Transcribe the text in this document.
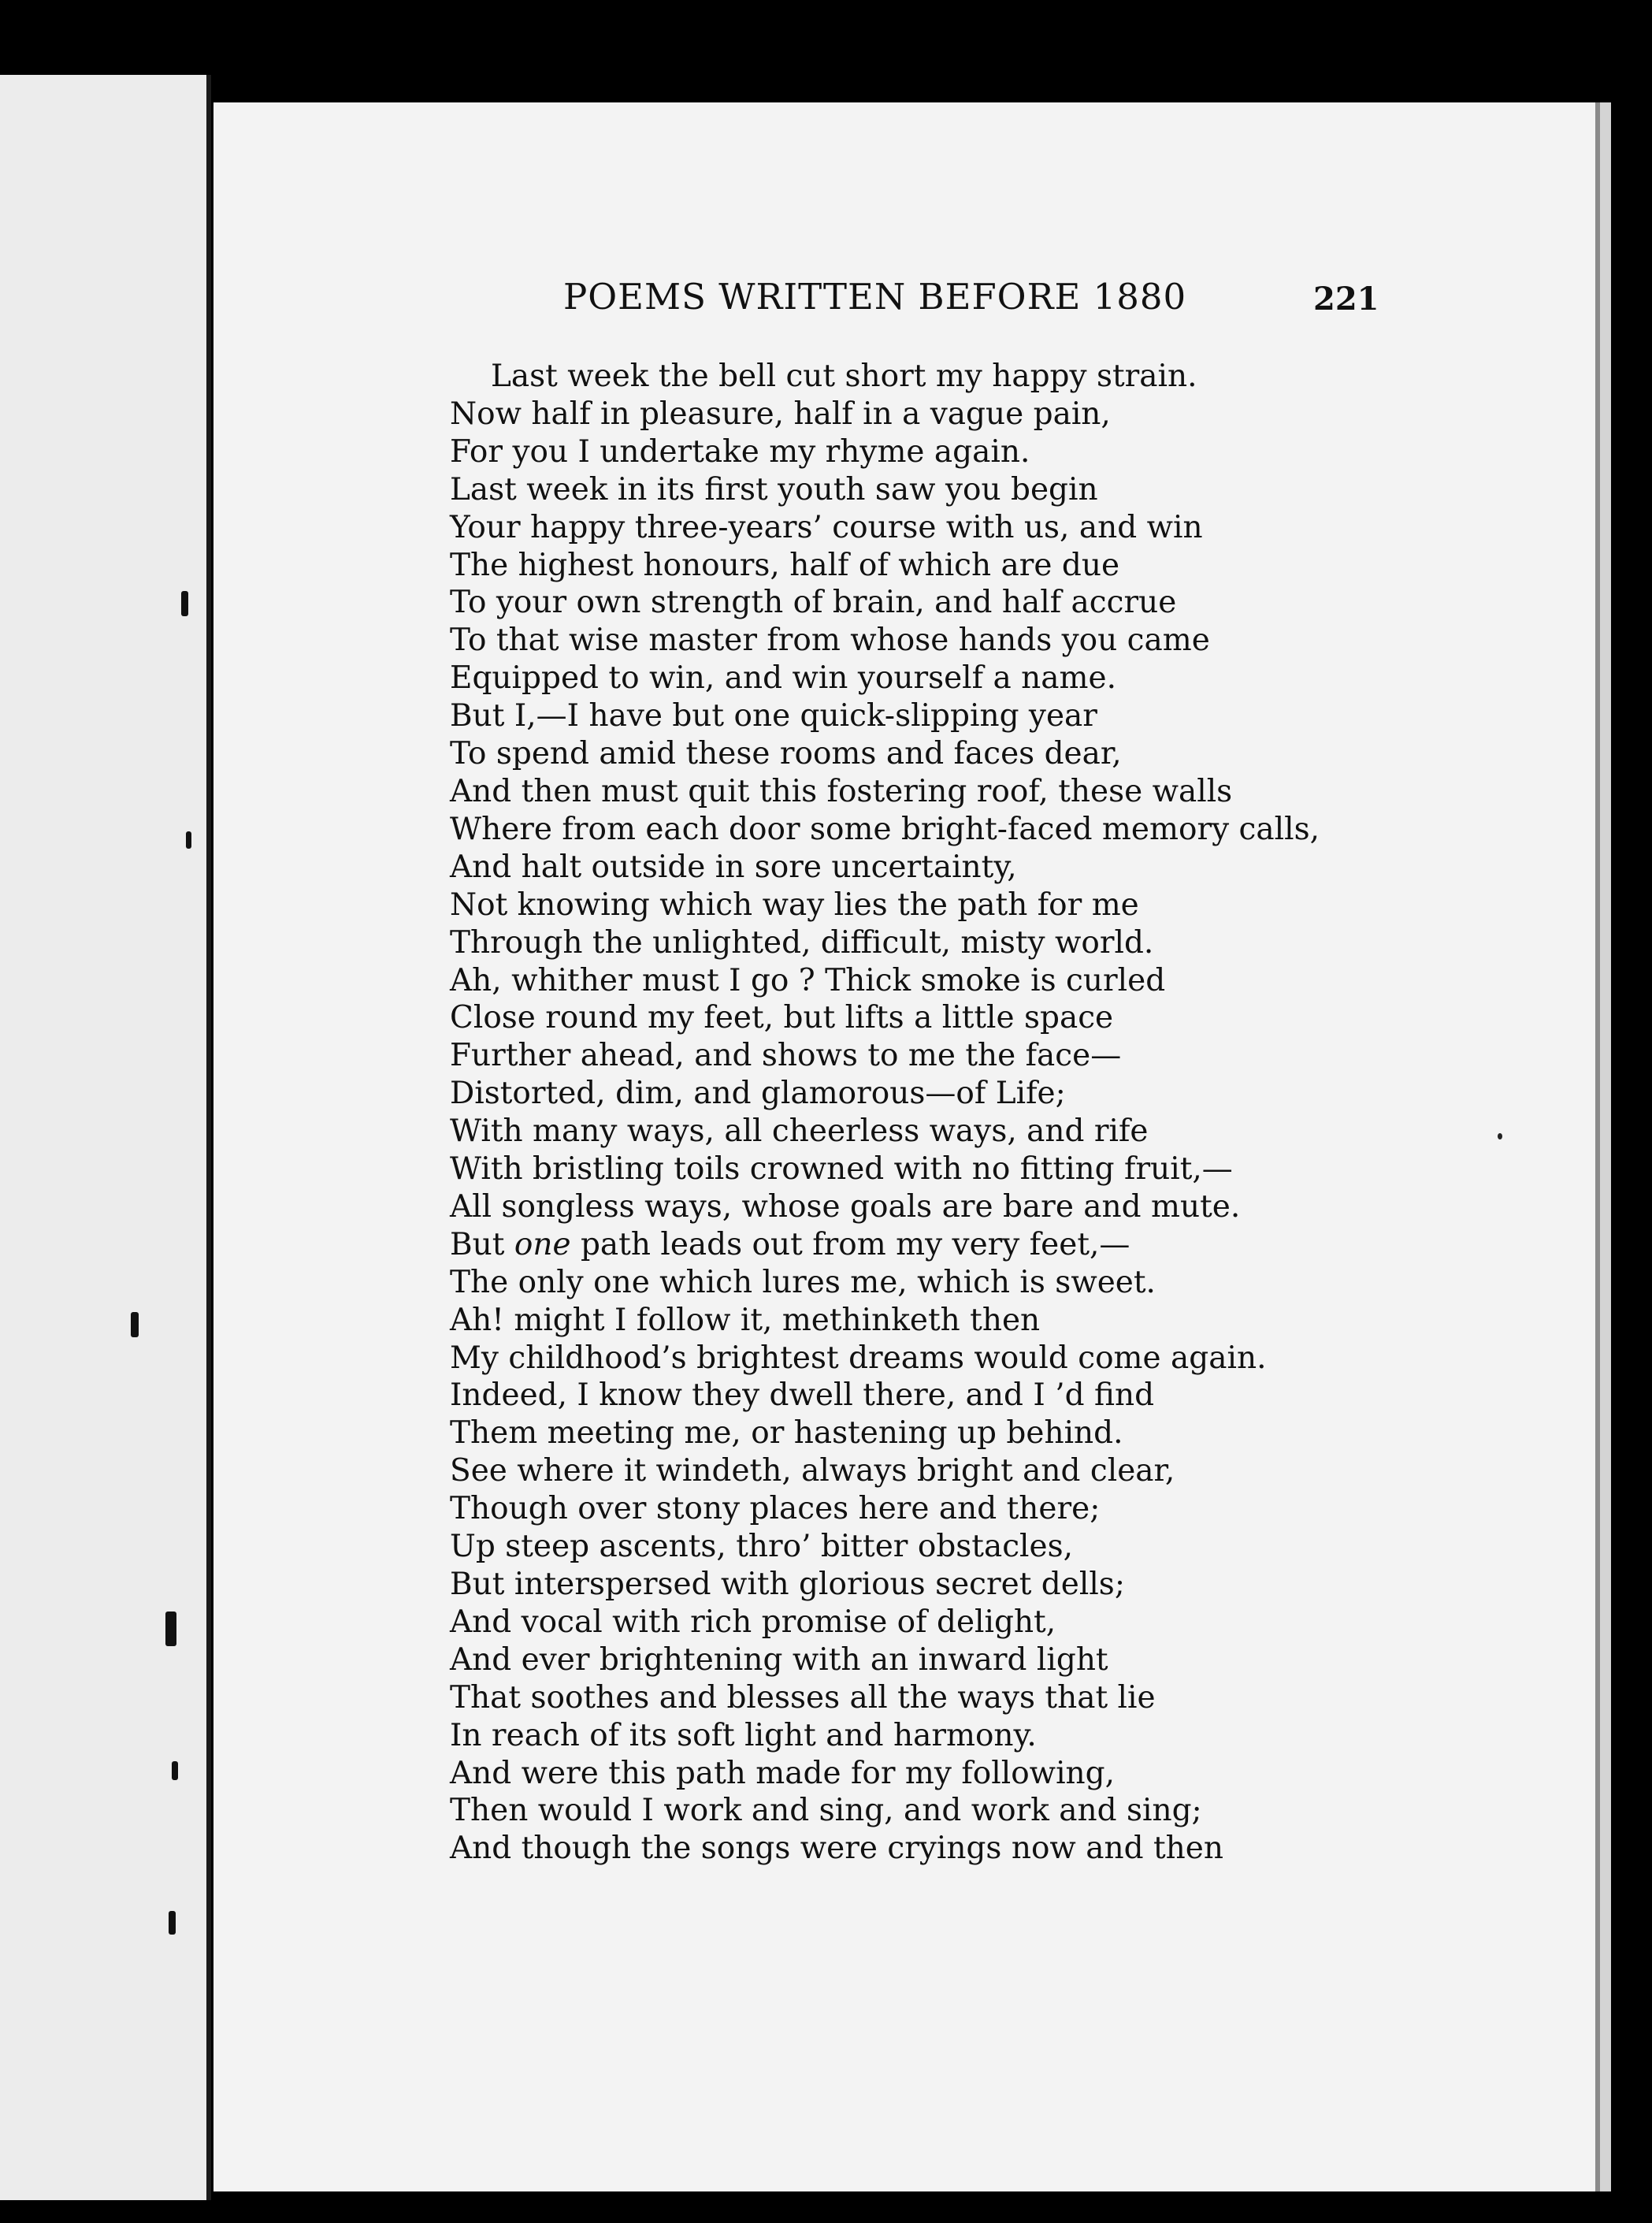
POEMS WRITTEN BEFORE 1880	221
Last week the bell cut short my happy strain.
Now half in pleasure, half in a vague pain,
For you I undertake my rhyme again.
Last week in its first youth saw you begin
Your happy three-years’ course with us, and win
The highest honours, half of which are due
To your own strength of brain, and half accrue
To that wise master from whose hands you came
Equipped to win, and win yourself a name.
But I,—I have but one quick-slipping year
To spend amid these rooms and faces dear,
And then must quit this fostering roof, these walls
Where from each door some bright-faced memory calls,
And halt outside in sore uncertainty,
Not knowing which way lies the path for me
Through the unlighted, difficult, misty world.
Ah, whither must I go ? Thick smoke is curled
Close round my feet, but lifts a little space
Further ahead, and shows to me the face—
Distorted, dim, and glamorous—of Life;
With many ways, all cheerless ways, and rife
With bristling toils crowned with no fitting fruit,—
All songless ways, whose goals are bare and mute.
But one path leads out from my very feet,—
The only one which lures me, which is sweet.
Ah! might I follow it, methinketh then
My childhood’s brightest dreams would come again.
Indeed, I know they dwell there, and I ’d find
Them meeting me, or hastening up behind.
See where it windeth, always bright and clear,
Though over stony places here and there;
Up steep ascents, thro’ bitter obstacles,
But interspersed with glorious secret dells;
And vocal with rich promise of delight,
And ever brightening with an inward light
That soothes and blesses all the ways that lie
In reach of its soft light and harmony.
And were this path made for my following,
Then would I work and sing, and work and sing;
And though the songs were cryings now and then
